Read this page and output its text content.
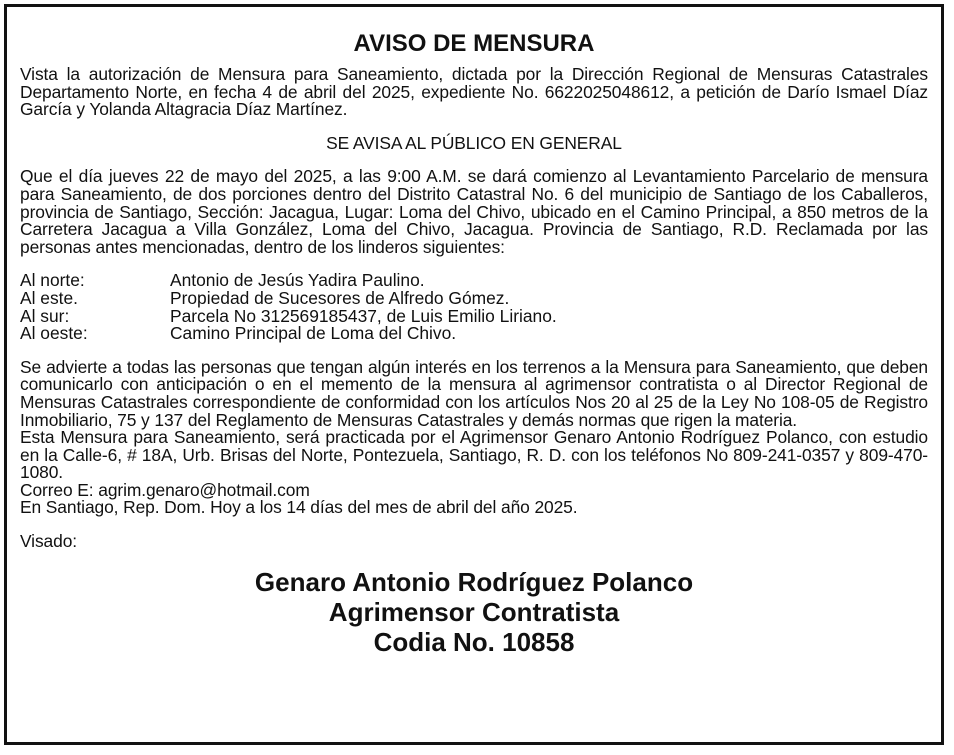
AVISO DE MENSURA

Vista la autorización de Mensura para Saneamiento, dictada por la Dirección Regional de Mensuras Catastrales Departamento Norte, en fecha 4 de abril del 2025, expediente No. 6622025048612, a petición de Darío Ismael Díaz García y Yolanda Altagracia Díaz Martínez.

SE AVISA AL PÚBLICO EN GENERAL

Que el día jueves 22 de mayo del 2025, a las 9:00 A.M. se dará comienzo al Levantamiento Parcelario de mensura para Saneamiento, de dos porciones dentro del Distrito Catastral No. 6 del municipio de Santiago de los Caballeros, provincia de Santiago, Sección: Jacagua, Lugar: Loma del Chivo, ubicado en el Camino Principal, a 850 metros de la Carretera Jacagua a Villa González, Loma del Chivo, Jacagua. Provincia de Santiago, R.D. Reclamada por las personas antes mencionadas, dentro de los linderos siguientes:

Al norte:	Antonio de Jesús Yadira Paulino.
Al este.	Propiedad de Sucesores de Alfredo Gómez.
Al sur:	Parcela No 312569185437, de Luis Emilio Liriano.
Al oeste:	Camino Principal de Loma del Chivo.

Se advierte a todas las personas que tengan algún interés en los terrenos a la Mensura para Saneamiento, que deben comunicarlo con anticipación o en el memento de la mensura al agrimensor contratista o al Director Regional de Mensuras Catastrales correspondiente de conformidad con los artículos Nos 20 al 25 de la Ley No 108-05 de Registro Inmobiliario, 75 y 137 del Reglamento de Mensuras Catastrales y demás normas que rigen la materia.

Esta Mensura para Saneamiento, será practicada por el Agrimensor Genaro Antonio Rodríguez Polanco, con estudio en la Calle-6, # 18A, Urb. Brisas del Norte, Pontezuela, Santiago, R. D. con los teléfonos No 809-241-0357 y 809-470-1080.

Correo E: agrim.genaro@hotmail.com

En Santiago, Rep. Dom. Hoy a los 14 días del mes de abril del año 2025.

Visado:

Genaro Antonio Rodríguez Polanco

Agrimensor Contratista

Codia No. 10858
